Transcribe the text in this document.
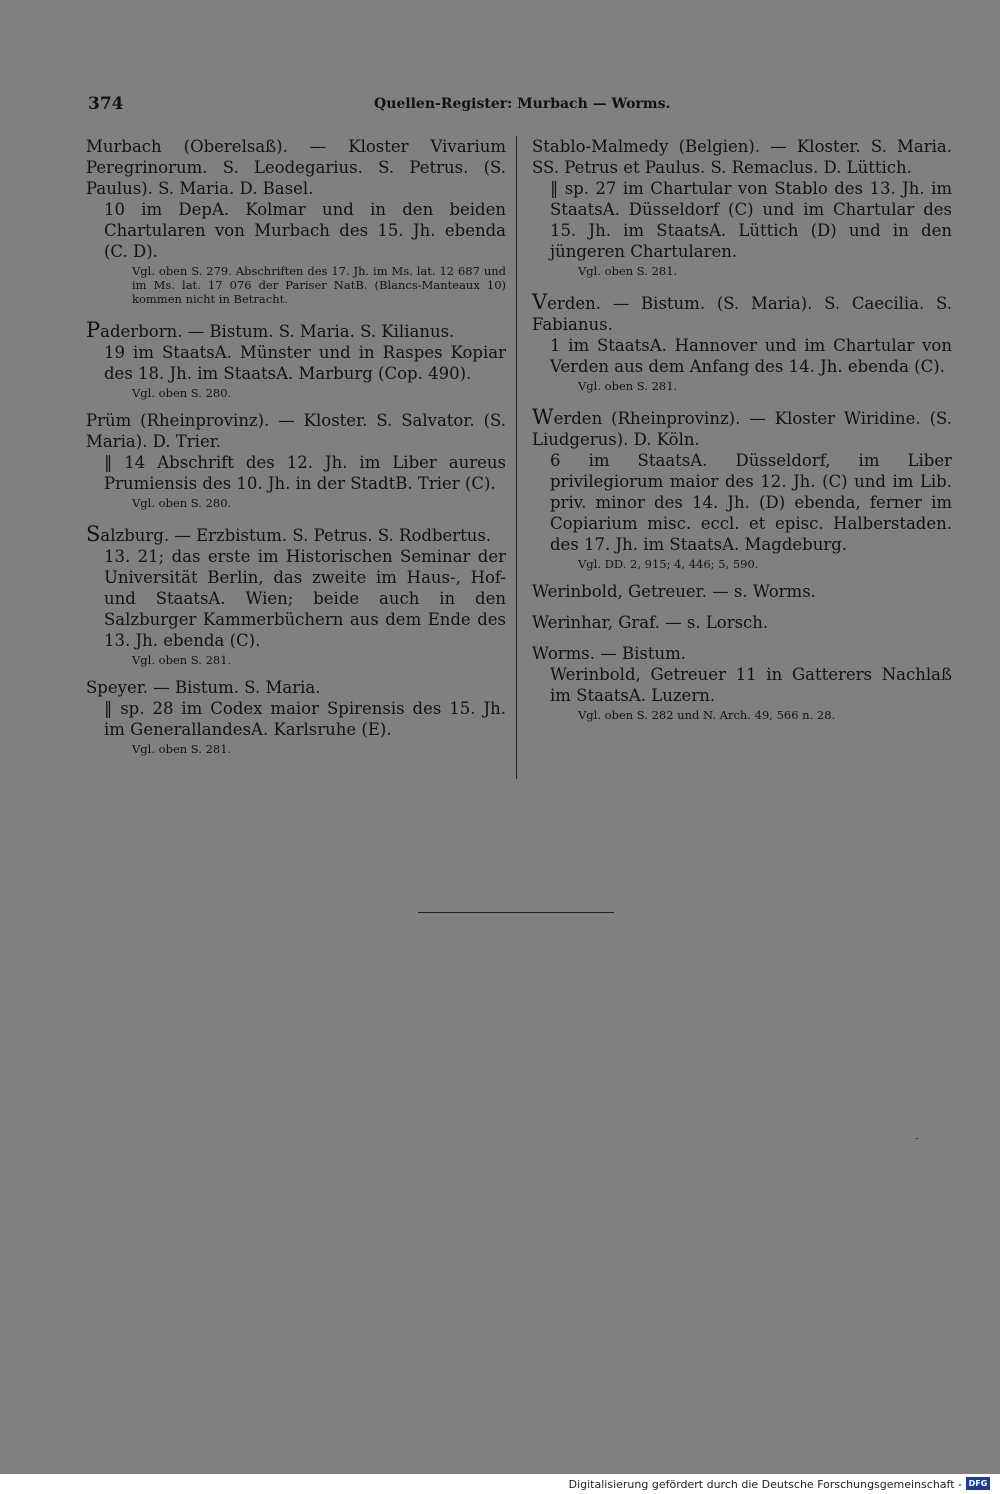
374	Quellen-Register: Murbach — Worms.

Murbach (Oberelsaß). — Kloster Vivarium Peregrinorum. S. Leodegarius. S. Petrus. (S. Paulus). S. Maria. D. Basel.

10 im DepA. Kolmar und in den beiden Chartularen von Murbach des 15. Jh. ebenda (C. D).

Vgl. oben S. 279. Abschriften des 17. Jh. im Ms. lat. 12 687 und im Ms. lat. 17 076 der Pariser NatB. (Blancs-Manteaux 10) kommen nicht in Betracht.

Paderborn. — Bistum. S. Maria. S. Kilianus.

19 im StaatsA. Münster und in Raspes Kopiar des 18. Jh. im StaatsA. Marburg (Cop. 490).

Vgl. oben S. 280.

Prüm (Rheinprovinz). — Kloster. S. Salvator. (S. Maria). D. Trier.

‖ 14 Abschrift des 12. Jh. im Liber aureus Prumiensis des 10. Jh. in der StadtB. Trier (C).

Vgl. oben S. 280.

Salzburg. — Erzbistum. S. Petrus. S. Rodbertus.

13. 21; das erste im Historischen Seminar der Universität Berlin, das zweite im Haus-, Hof- und StaatsA. Wien; beide auch in den Salzburger Kammerbüchern aus dem Ende des 13. Jh. ebenda (C).

Vgl. oben S. 281.

Speyer. — Bistum. S. Maria.

‖ sp. 28 im Codex maior Spirensis des 15. Jh. im GenerallandesA. Karlsruhe (E).

Vgl. oben S. 281.

Stablo-Malmedy (Belgien). — Kloster. S. Maria. SS. Petrus et Paulus. S. Remaclus. D. Lüttich.

‖ sp. 27 im Chartular von Stablo des 13. Jh. im StaatsA. Düsseldorf (C) und im Chartular des 15. Jh. im StaatsA. Lüttich (D) und in den jüngeren Chartularen.

Vgl. oben S. 281.

Verden. — Bistum. (S. Maria). S. Caecilia. S. Fabianus.

1 im StaatsA. Hannover und im Chartular von Verden aus dem Anfang des 14. Jh. ebenda (C).

Vgl. oben S. 281.

Werden (Rheinprovinz). — Kloster Wiridine. (S. Liudgerus). D. Köln.

6 im StaatsA. Düsseldorf, im Liber privilegiorum maior des 12. Jh. (C) und im Lib. priv. minor des 14. Jh. (D) ebenda, ferner im Copiarium misc. eccl. et episc. Halberstaden. des 17. Jh. im StaatsA. Magdeburg.

Vgl. DD. 2, 915; 4, 446; 5, 590.

Werinbold, Getreuer. — s. Worms.

Werinhar, Graf. — s. Lorsch.

Worms. — Bistum.

Werinbold, Getreuer 11 in Gatterers Nachlaß im StaatsA. Luzern.

Vgl. oben S. 282 und N. Arch. 49, 566 n. 28.

Digitalisierung gefördert durch die Deutsche Forschungsgemeinschaft - DFG
